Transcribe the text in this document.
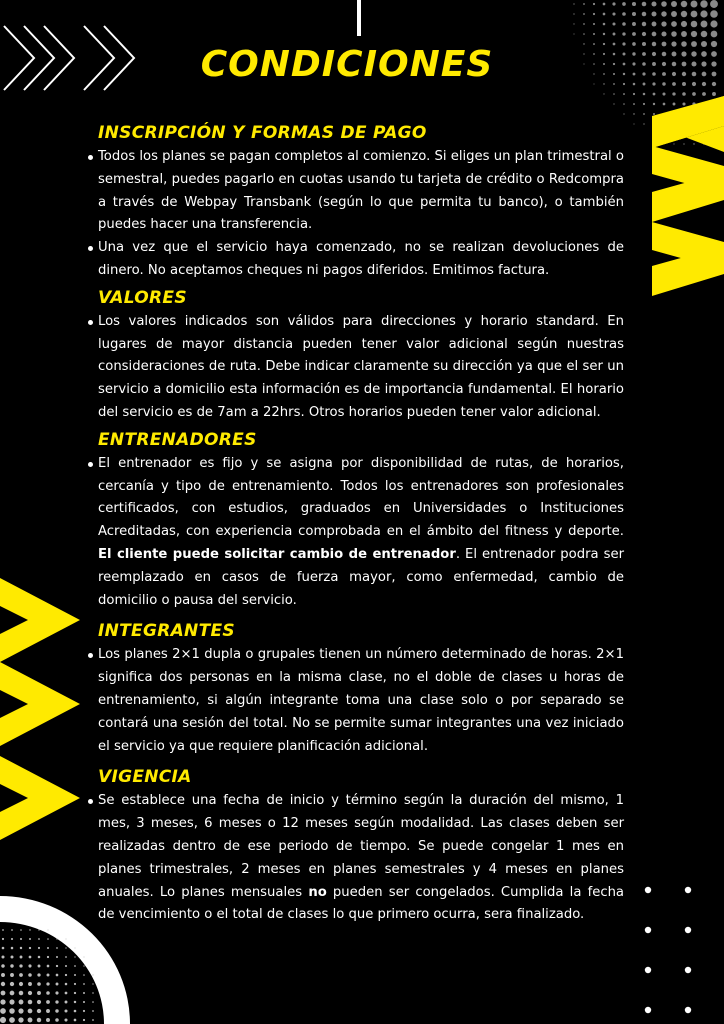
CONDICIONES
INSCRIPCIÓN Y FORMAS DE PAGO
Todos los planes se pagan completos al comienzo. Si eliges un plan trimestral o semestral, puedes pagarlo en cuotas usando tu tarjeta de crédito o Redcompra a través de Webpay Transbank (según lo que permita tu banco), o también puedes hacer una transferencia.
Una vez que el servicio haya comenzado, no se realizan devoluciones de dinero. No aceptamos cheques ni pagos diferidos. Emitimos factura.
VALORES
Los valores indicados son válidos para direcciones y horario standard. En lugares de mayor distancia pueden tener valor adicional según nuestras consideraciones de ruta. Debe indicar claramente su dirección ya que el ser un servicio a domicilio esta información es de importancia fundamental. El horario del servicio es de 7am a 22hrs. Otros horarios pueden tener valor adicional.
ENTRENADORES
El entrenador es fijo y se asigna por disponibilidad de rutas, de horarios, cercanía y tipo de entrenamiento. Todos los entrenadores son profesionales certificados, con estudios, graduados en Universidades o Instituciones Acreditadas, con experiencia comprobada en el ámbito del fitness y deporte. El cliente puede solicitar cambio de entrenador. El entrenador podra ser reemplazado en casos de fuerza mayor, como enfermedad, cambio de domicilio o pausa del servicio.
INTEGRANTES
Los planes 2×1 dupla o grupales tienen un número determinado de horas. 2×1 significa dos personas en la misma clase, no el doble de clases u horas de entrenamiento, si algún integrante toma una clase solo o por separado se contará una sesión del total. No se permite sumar integrantes una vez iniciado el servicio ya que requiere planificación adicional.
VIGENCIA
Se establece una fecha de inicio y término según la duración del mismo, 1 mes, 3 meses, 6 meses o 12 meses según modalidad. Las clases deben ser realizadas dentro de ese periodo de tiempo. Se puede congelar 1 mes en planes trimestrales, 2 meses en planes semestrales y 4 meses en planes anuales. Lo planes mensuales no pueden ser congelados. Cumplida la fecha de vencimiento o el total de clases lo que primero ocurra, sera finalizado.
